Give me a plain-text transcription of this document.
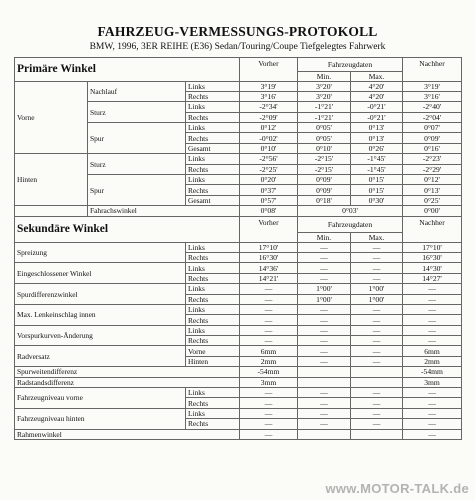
FAHRZEUG-VERMESSUNGS-PROTOKOLL
BMW, 1996, 3ER REIHE (E36) Sedan/Touring/Coupe Tiefgelegtes Fahrwerk
Primäre Winkel			Vorher	Fahrzeugdaten		Nachher
				Min.	Max.	
Vorne	Nachlauf	Links	3°19'	3°20'	4°20'	3°19'
		Rechts	3°16'	3°20'	4°20'	3°16'
	Sturz	Links	-2°34'	-1°21'	-0°21'	-2°40'
		Rechts	-2°09'	-1°21'	-0°21'	-2°04'
	Spur	Links	0°12'	0°05'	0°13'	0°07'
		Rechts	-0°02'	0°05'	0°13'	0°09'
		Gesamt	0°10'	0°10'	0°26'	0°16'
Hinten	Sturz	Links	-2°56'	-2°15'	-1°45'	-2°23'
		Rechts	-2°25'	-2°15'	-1°45'	-2°29'
	Spur	Links	0°20'	0°09'	0°15'	0°12'
		Rechts	0°37'	0°09'	0°15'	0°13'
		Gesamt	0°57'	0°18'	0°30'	0°25'
	Fahrachswinkel		0°08'	0°03'		0°00'
Sekundäre Winkel			Vorher	Fahrzeugdaten		Nachher
				Min.	Max.	
Spreizung		Links	17°10'	—	—	17°10'
		Rechts	16°30'	—	—	16°30'
Eingeschlossener Winkel		Links	14°36'	—	—	14°30'
		Rechts	14°21'	—	—	14°27'
Spurdifferenzwinkel		Links	—	1°00'	1°00'	—
		Rechts	—	1°00'	1°00'	—
Max. Lenkeinschlag innen		Links	—	—	—	—
		Rechts	—	—	—	—
Vorspurkurven-Änderung		Links	—	—	—	—
		Rechts	—	—	—	—
Radversatz		Vorne	6mm	—	—	6mm
		Hinten	2mm	—	—	2mm
Spurweitendifferenz			-54mm			-54mm
Radstandsdifferenz			3mm			3mm
Fahrzeugniveau vorne		Links	—	—	—	—
		Rechts	—	—	—	—
Fahrzeugniveau hinten		Links	—	—	—	—
		Rechts	—	—	—	—
Rahmenwinkel			—			—
www.MOTOR-TALK.de
